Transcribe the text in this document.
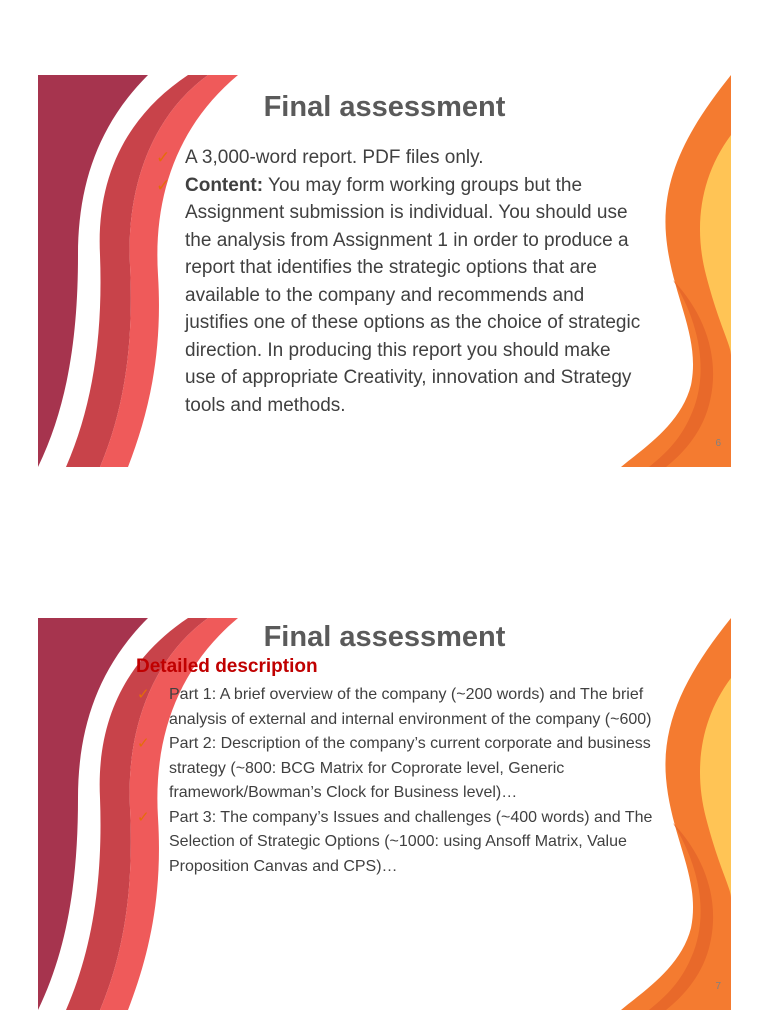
Final assessment
✓ A 3,000-word report. PDF files only.
✓ Content: You may form working groups but the Assignment submission is individual. You should use the analysis from Assignment 1 in order to produce a report that identifies the strategic options that are available to the company and recommends and justifies one of these options as the choice of strategic direction. In producing this report you should make use of appropriate Creativity, innovation and Strategy tools and methods.
6
Final assessment
Detailed description
✓ Part 1: A brief overview of the company (~200 words) and The brief analysis of external and internal environment of the company (~600)
✓ Part 2: Description of the company’s current corporate and business strategy (~800: BCG Matrix for Coprorate level, Generic framework/Bowman’s Clock for Business level)…
✓ Part 3: The company’s Issues and challenges (~400 words) and The Selection of Strategic Options (~1000: using Ansoff Matrix, Value Proposition Canvas and CPS)…
7
